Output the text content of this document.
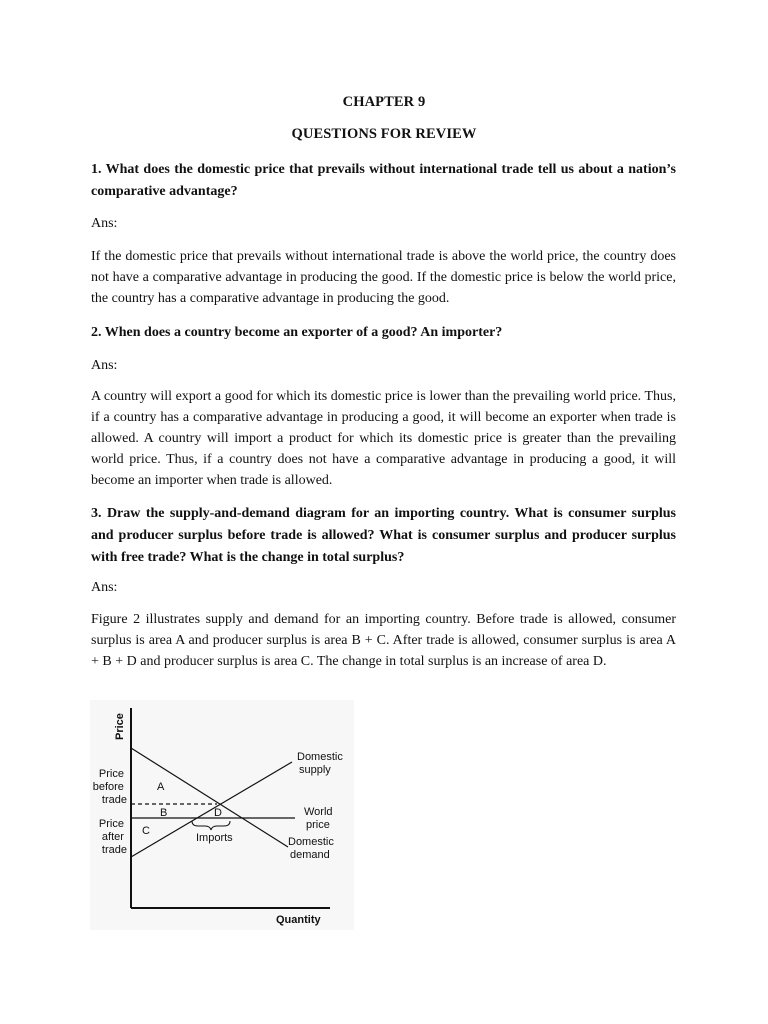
CHAPTER 9
QUESTIONS FOR REVIEW
1. What does the domestic price that prevails without international trade tell us about a nation’s comparative advantage?
Ans:
If the domestic price that prevails without international trade is above the world price, the country does not have a comparative advantage in producing the good. If the domestic price is below the world price, the country has a comparative advantage in producing the good.
2. When does a country become an exporter of a good? An importer?
Ans:
A country will export a good for which its domestic price is lower than the prevailing world price. Thus, if a country has a comparative advantage in producing a good, it will become an exporter when trade is allowed. A country will import a product for which its domestic price is greater than the prevailing world price. Thus, if a country does not have a comparative advantage in producing a good, it will become an importer when trade is allowed.
3. Draw the supply-and-demand diagram for an importing country. What is consumer surplus and producer surplus before trade is allowed? What is consumer surplus and producer surplus with free trade? What is the change in total surplus?
Ans:
Figure 2 illustrates supply and demand for an importing country. Before trade is allowed, consumer surplus is area A and producer surplus is area B + C. After trade is allowed, consumer surplus is area A + B + D and producer surplus is area C. The change in total surplus is an increase of area D.
Price
Quantity
Price before trade
Price after trade
A
B
C
D
Imports
Domestic supply
World price
Domestic demand
